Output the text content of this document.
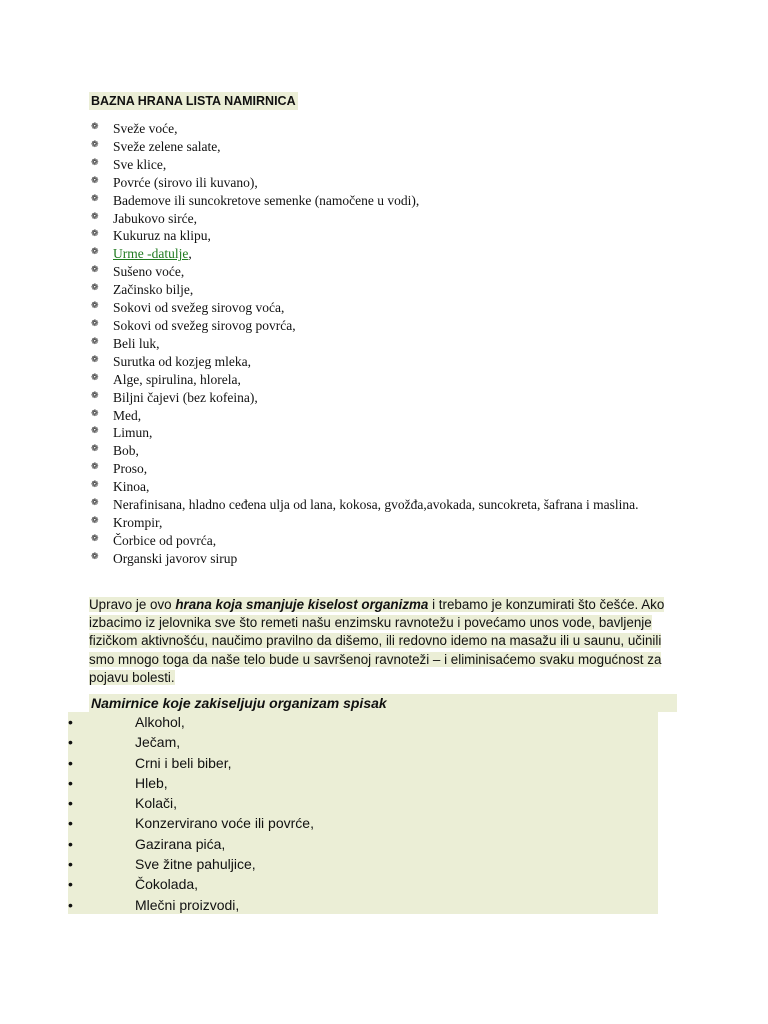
BAZNA HRANA LISTA NAMIRNICA
❁ Sveže voće,
❁ Sveže zelene salate,
❁ Sve klice,
❁ Povrće (sirovo ili kuvano),
❁ Bademove ili suncokretove semenke (namočene u vodi),
❁ Jabukovo sirće,
❁ Kukuruz na klipu,
❁ Urme -datulje,
❁ Sušeno voće,
❁ Začinsko bilje,
❁ Sokovi od svežeg sirovog voća,
❁ Sokovi od svežeg sirovog povrća,
❁ Beli luk,
❁ Surutka od kozjeg mleka,
❁ Alge, spirulina, hlorela,
❁ Biljni čajevi (bez kofeina),
❁ Med,
❁ Limun,
❁ Bob,
❁ Proso,
❁ Kinoa,
❁ Nerafinisana, hladno ceđena ulja od lana, kokosa, gvožđa,avokada, suncokreta, šafrana i maslina.
❁ Krompir,
❁ Čorbice od povrća,
❁ Organski javorov sirup
Upravo je ovo hrana koja smanjuje kiselost organizma i trebamo je konzumirati što češće. Ako izbacimo iz jelovnika sve što remeti našu enzimsku ravnotežu i povećamo unos vode, bavljenje fizičkom aktivnošću, naučimo pravilno da dišemo, ili redovno idemo na masažu ili u saunu, učinili smo mnogo toga da naše telo bude u savršenoj ravnoteži – i eliminisaćemo svaku mogućnost za pojavu bolesti.
Namirnice koje zakiseljuju organizam spisak
•	Alkohol,
•	Ječam,
•	Crni i beli biber,
•	Hleb,
•	Kolači,
•	Konzervirano voće ili povrće,
•	Gazirana pića,
•	Sve žitne pahuljice,
•	Čokolada,
•	Mlečni proizvodi,
